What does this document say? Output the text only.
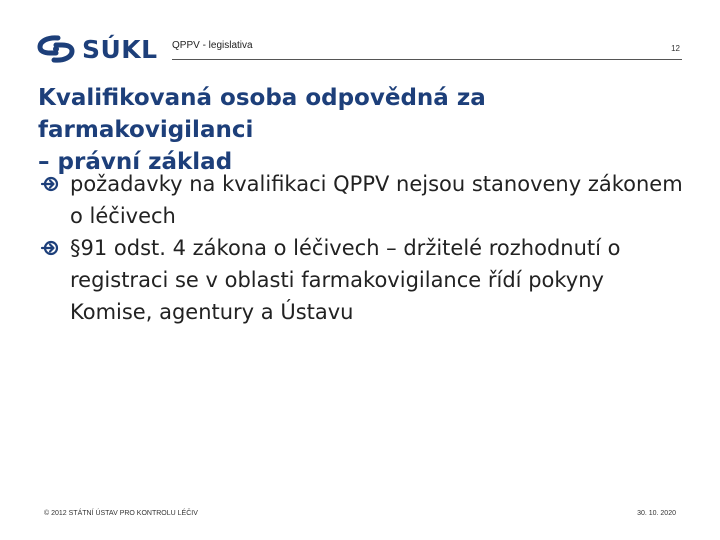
SÚKL QPPV - legislativa	12
Kvalifikovaná osoba odpovědná za farmakovigilanci
– právní základ
požadavky na kvalifikaci QPPV nejsou stanoveny zákonem o léčivech
§91 odst. 4 zákona o léčivech – držitelé rozhodnutí o registraci se v oblasti farmakovigilance řídí pokyny Komise, agentury a Ústavu
© 2012 STÁTNÍ ÚSTAV PRO KONTROLU LÉČIV	30. 10. 2020
